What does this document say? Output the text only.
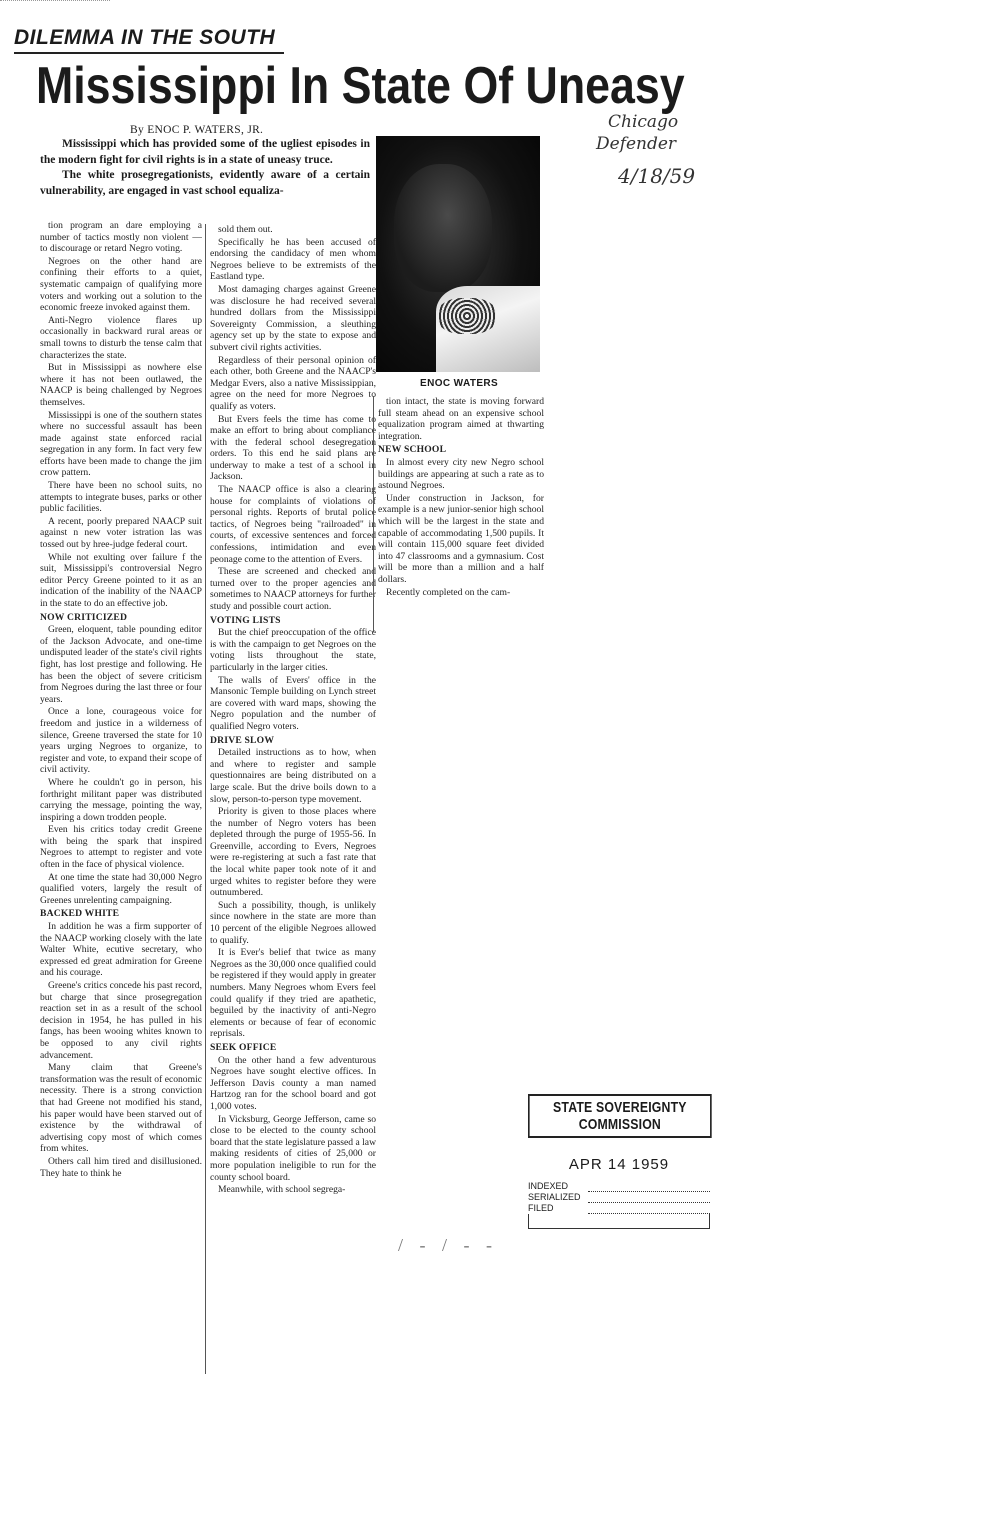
DILEMMA IN THE SOUTH
Mississippi In State Of Uneasy
By ENOC P. WATERS, JR.

Mississippi which has provided some of the ugliest episodes in the modern fight for civil rights is in a state of uneasy truce.

The white prosegregationists, evidently aware of a certain vulnerability, are engaged in vast school equaliza-

ENOC WATERS
Chicago
Defender
4/18/59

tion program an dare employing a number of tactics mostly non violent — to discourage or retard Negro voting.

Negroes on the other hand are confining their efforts to a quiet, systematic campaign of qualifying more voters and working out a solution to the economic freeze invoked against them.

Anti-Negro violence flares up occasionally in backward rural areas or small towns to disturb the tense calm that characterizes the state.

But in Mississippi as nowhere else where it has not been outlawed, the NAACP is being challenged by Negroes themselves.

Mississippi is one of the southern states where no successful assault has been made against state enforced racial segregation in any form. In fact very few efforts have been made to change the jim crow pattern.

There have been no school suits, no attempts to integrate buses, parks or other public facilities.

A recent, poorly prepared NAACP suit against n new voter istration las was tossed out by hree-judge federal court.

While not exulting over failure f the suit, Mississippi's controversial Negro editor Percy Greene pointed to it as an indication of the inability of the NAACP in the state to do an effective job.

NOW CRITICIZED

Green, eloquent, table pounding editor of the Jackson Advocate, and one-time undisputed leader of the state's civil rights fight, has lost prestige and following. He has been the object of severe criticism from Negroes during the last three or four years.

Once a lone, courageous voice for freedom and justice in a wilderness of silence, Greene traversed the state for 10 years urging Negroes to organize, to register and vote, to expand their scope of civil activity.

Where he couldn't go in person, his forthright militant paper was distributed carrying the message, pointing the way, inspiring a down trodden people.

Even his critics today credit Greene with being the spark that inspired Negroes to attempt to register and vote often in the face of physical violence.

At one time the state had 30,000 Negro qualified voters, largely the result of Greenes unrelenting campaigning.

BACKED WHITE

In addition he was a firm supporter of the NAACP working closely with the late Walter White, ecutive secretary, who expressed ed great admiration for Greene and his courage.

Greene's critics concede his past record, but charge that since prosegregation reaction set in as a result of the school decision in 1954, he has pulled in his fangs, has been wooing whites known to be opposed to any civil rights advancement.

Many claim that Greene's transformation was the result of economic necessity. There is a strong conviction that had Greene not modified his stand, his paper would have been starved out of existence by the withdrawal of advertising copy most of which comes from whites.

Others call him tired and disillusioned. They hate to think he

sold them out.

Specifically he has been accused of endorsing the candidacy of men whom Negroes believe to be extremists of the Eastland type.

Most damaging charges against Greene was disclosure he had received several hundred dollars from the Mississippi Sovereignty Commission, a sleuthing agency set up by the state to expose and subvert civil rights activities.

Regardless of their personal opinion of each other, both Greene and the NAACP's Medgar Evers, also a native Mississippian, agree on the need for more Negroes to qualify as voters.

But Evers feels the time has come to make an effort to bring about compliance with the federal school desegregation orders. To this end he said plans are underway to make a test of a school in Jackson.

The NAACP office is also a clearing house for complaints of violations of personal rights. Reports of brutal police tactics, of Negroes being "railroaded" in courts, of excessive sentences and forced confessions, intimidation and even peonage come to the attention of Evers.

These are screened and checked and turned over to the proper agencies and sometimes to NAACP attorneys for further study and possible court action.

VOTING LISTS

But the chief preoccupation of the office is with the campaign to get Negroes on the voting lists throughout the state, particularly in the larger cities.

The walls of Evers' office in the Mansonic Temple building on Lynch street are covered with ward maps, showing the Negro population and the number of qualified Negro voters.

DRIVE SLOW

Detailed instructions as to how, when and where to register and sample questionnaires are being distributed on a large scale. But the drive boils down to a slow, person-to-person type movement.

Priority is given to those places where the number of Negro voters has been depleted through the purge of 1955-56. In Greenville, according to Evers, Negroes were re-registering at such a fast rate that the local white paper took note of it and urged whites to register before they were outnumbered.

Such a possibility, though, is unlikely since nowhere in the state are more than 10 percent of the eligible Negroes allowed to qualify.

It is Ever's belief that twice as many Negroes as the 30,000 once qualified could be registered if they would apply in greater numbers. Many Negroes whom Evers feel could qualify if they tried are apathetic, beguiled by the inactivity of anti-Negro elements or because of fear of economic reprisals.

SEEK OFFICE

On the other hand a few adventurous Negroes have sought elective offices. In Jefferson Davis county a man named Hartzog ran for the school board and got 1,000 votes.

In Vicksburg, George Jefferson, came so close to be elected to the county school board that the state legislature passed a law making residents of cities of 25,000 or more population ineligible to run for the county school board.

Meanwhile, with school segrega-

tion intact, the state is moving forward full steam ahead on an expensive school equalization program aimed at thwarting integration.

NEW SCHOOL

In almost every city new Negro school buildings are appearing at such a rate as to astound Negroes.

Under construction in Jackson, for example is a new junior-senior high school which will be the largest in the state and capable of accommodating 1,500 pupils. It will contain 115,000 square feet divided into 47 classrooms and a gymnasium. Cost will be more than a million and a half dollars.

Recently completed on the cam-

STATE SOVEREIGNTY COMMISSION
APR 14 1959
INDEXED
SERIALIZED
FILED
/ - / - -
